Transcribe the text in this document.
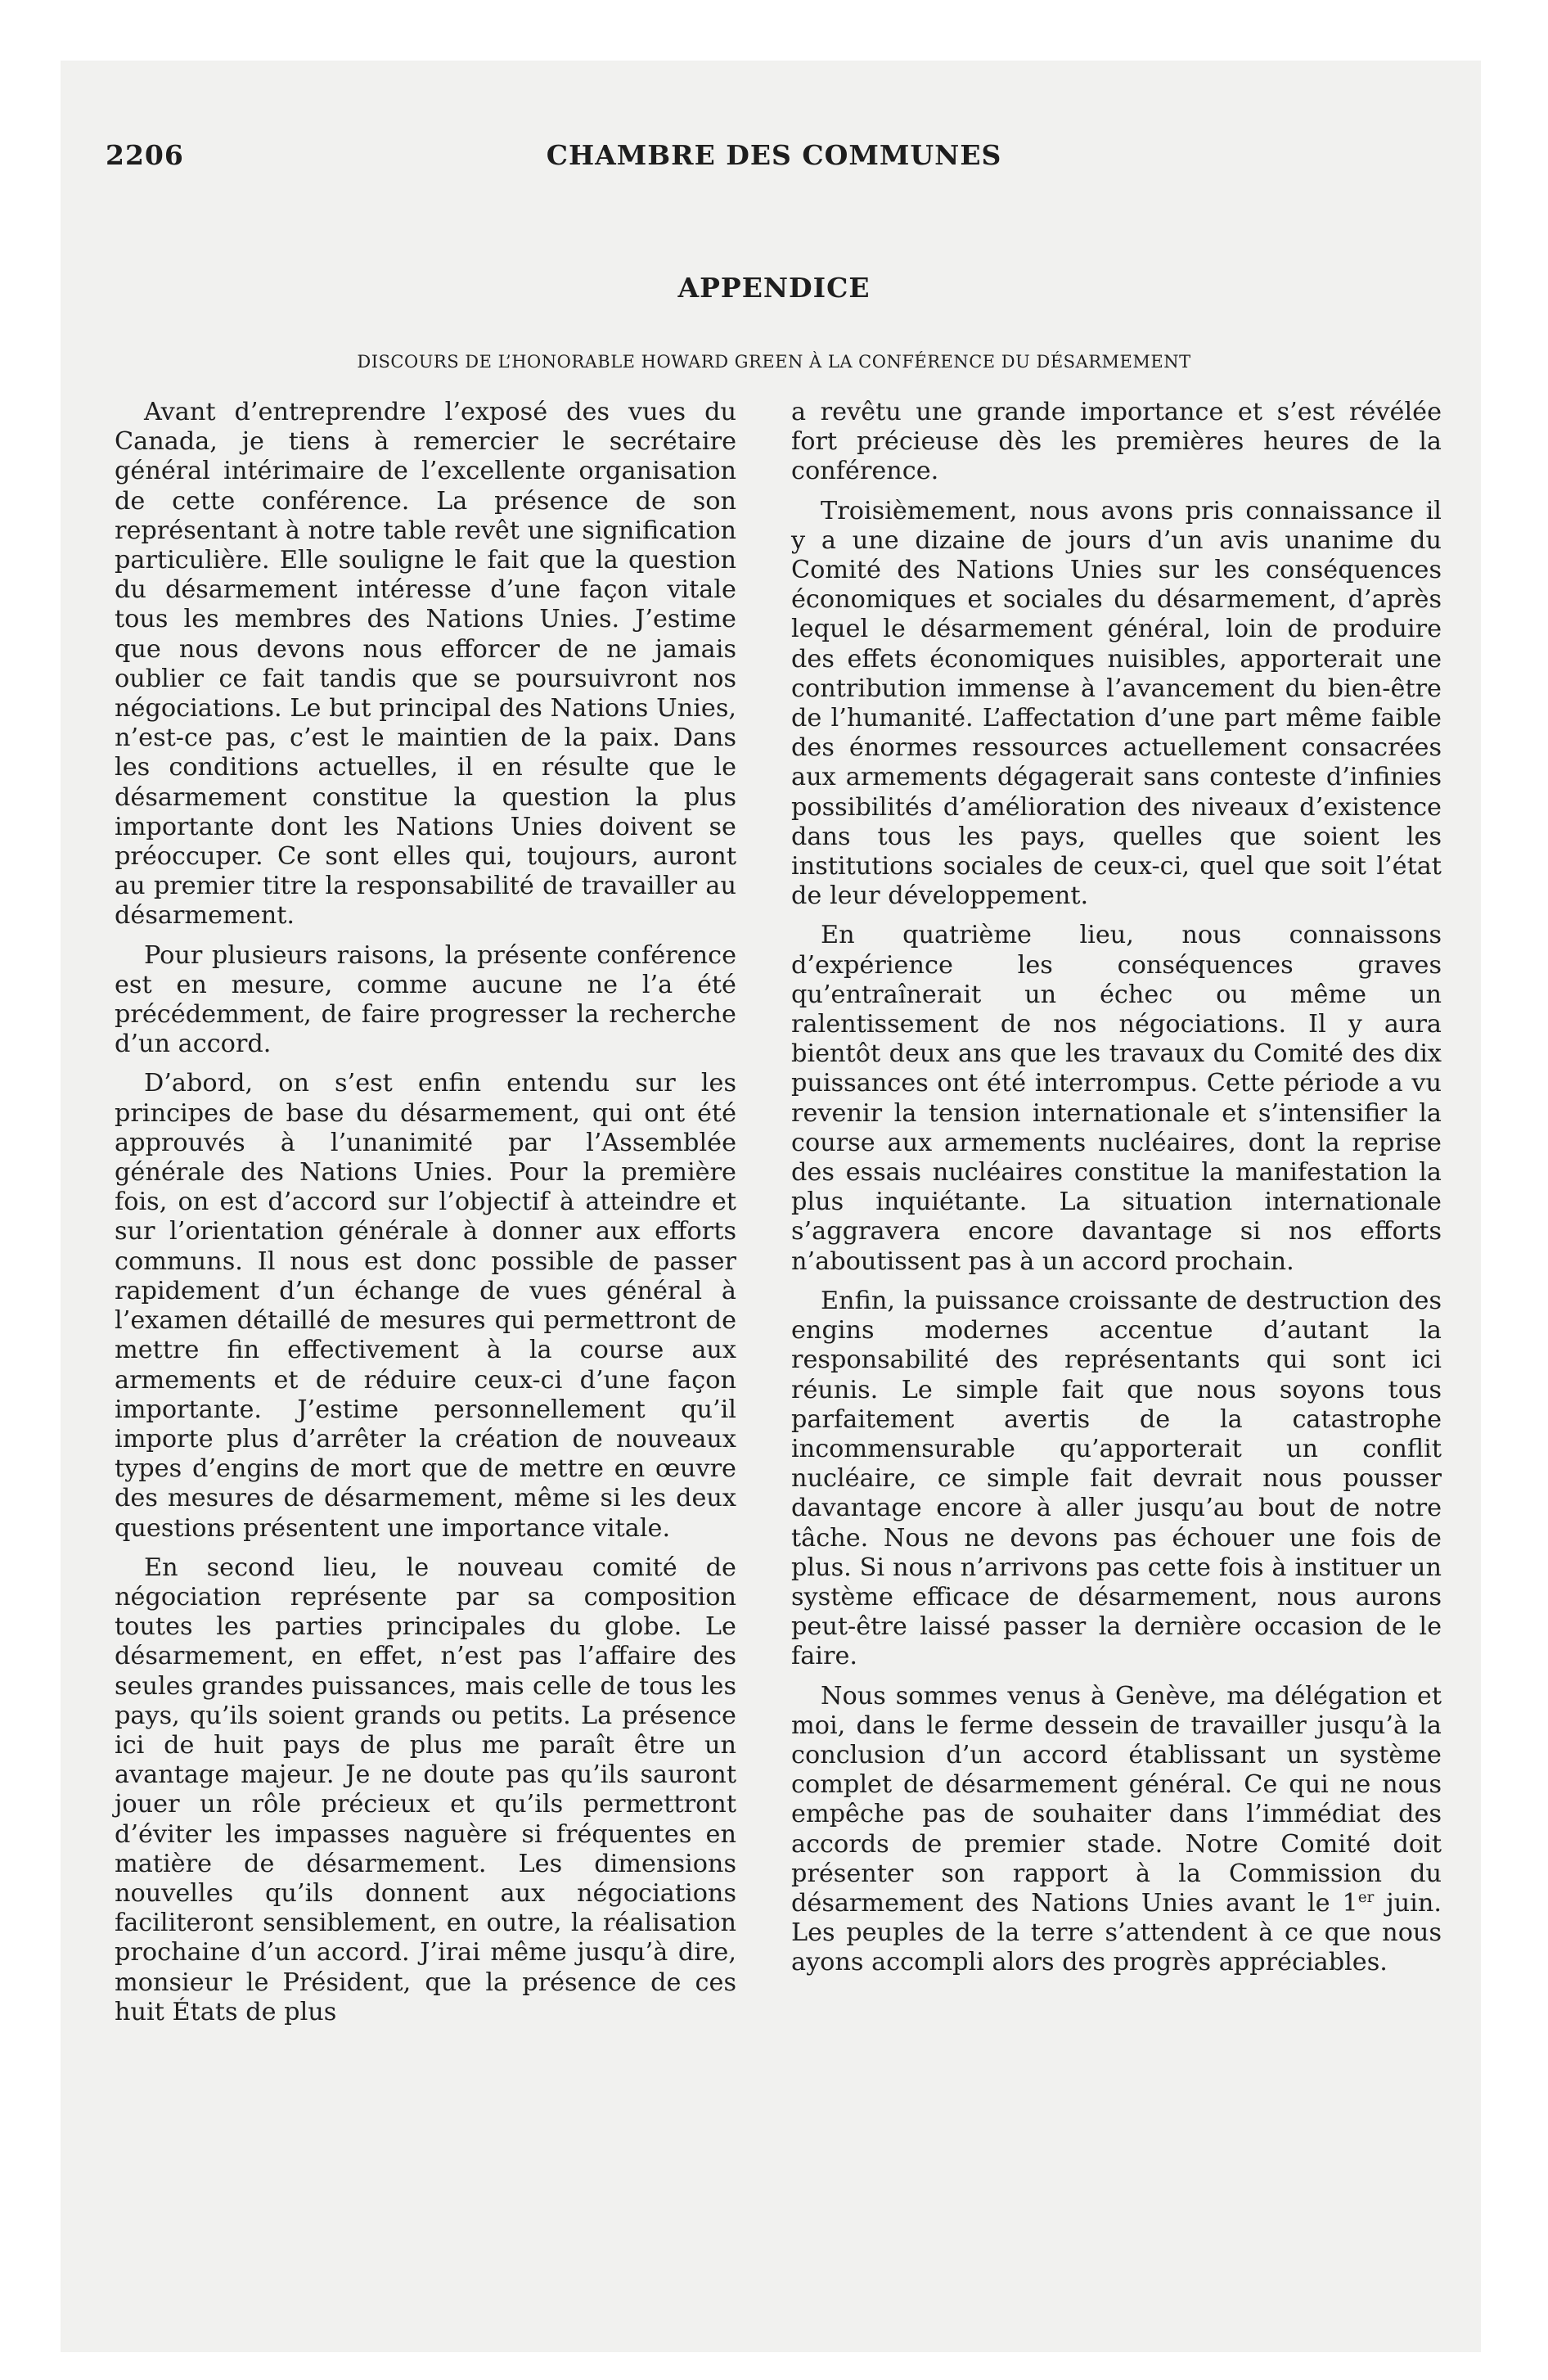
2206	CHAMBRE DES COMMUNES
APPENDICE
DISCOURS DE L’HONORABLE HOWARD GREEN À LA CONFÉRENCE DU DÉSARMEMENT

Avant d’entreprendre l’exposé des vues du Canada, je tiens à remercier le secrétaire général intérimaire de l’excellente organisation de cette conférence. La présence de son représentant à notre table revêt une signification particulière. Elle souligne le fait que la question du désarmement intéresse d’une façon vitale tous les membres des Nations Unies. J’estime que nous devons nous efforcer de ne jamais oublier ce fait tandis que se poursuivront nos négociations. Le but principal des Nations Unies, n’est-ce pas, c’est le maintien de la paix. Dans les conditions actuelles, il en résulte que le désarmement constitue la question la plus importante dont les Nations Unies doivent se préoccuper. Ce sont elles qui, toujours, auront au premier titre la responsabilité de travailler au désarmement.

Pour plusieurs raisons, la présente conférence est en mesure, comme aucune ne l’a été précédemment, de faire progresser la recherche d’un accord.

D’abord, on s’est enfin entendu sur les principes de base du désarmement, qui ont été approuvés à l’unanimité par l’Assemblée générale des Nations Unies. Pour la première fois, on est d’accord sur l’objectif à atteindre et sur l’orientation générale à donner aux efforts communs. Il nous est donc possible de passer rapidement d’un échange de vues général à l’examen détaillé de mesures qui permettront de mettre fin effectivement à la course aux armements et de réduire ceux-ci d’une façon importante. J’estime personnellement qu’il importe plus d’arrêter la création de nouveaux types d’engins de mort que de mettre en œuvre des mesures de désarmement, même si les deux questions présentent une importance vitale.

En second lieu, le nouveau comité de négociation représente par sa composition toutes les parties principales du globe. Le désarmement, en effet, n’est pas l’affaire des seules grandes puissances, mais celle de tous les pays, qu’ils soient grands ou petits. La présence ici de huit pays de plus me paraît être un avantage majeur. Je ne doute pas qu’ils sauront jouer un rôle précieux et qu’ils permettront d’éviter les impasses naguère si fréquentes en matière de désarmement. Les dimensions nouvelles qu’ils donnent aux négociations faciliteront sensiblement, en outre, la réalisation prochaine d’un accord. J’irai même jusqu’à dire, monsieur le Président, que la présence de ces huit États de plus

a revêtu une grande importance et s’est révélée fort précieuse dès les premières heures de la conférence.

Troisièmement, nous avons pris connaissance il y a une dizaine de jours d’un avis unanime du Comité des Nations Unies sur les conséquences économiques et sociales du désarmement, d’après lequel le désarmement général, loin de produire des effets économiques nuisibles, apporterait une contribution immense à l’avancement du bien-être de l’humanité. L’affectation d’une part même faible des énormes ressources actuellement consacrées aux armements dégagerait sans conteste d’infinies possibilités d’amélioration des niveaux d’existence dans tous les pays, quelles que soient les institutions sociales de ceux-ci, quel que soit l’état de leur développement.

En quatrième lieu, nous connaissons d’expérience les conséquences graves qu’entraînerait un échec ou même un ralentissement de nos négociations. Il y aura bientôt deux ans que les travaux du Comité des dix puissances ont été interrompus. Cette période a vu revenir la tension internationale et s’intensifier la course aux armements nucléaires, dont la reprise des essais nucléaires constitue la manifestation la plus inquiétante. La situation internationale s’aggravera encore davantage si nos efforts n’aboutissent pas à un accord prochain.

Enfin, la puissance croissante de destruction des engins modernes accentue d’autant la responsabilité des représentants qui sont ici réunis. Le simple fait que nous soyons tous parfaitement avertis de la catastrophe incommensurable qu’apporterait un conflit nucléaire, ce simple fait devrait nous pousser davantage encore à aller jusqu’au bout de notre tâche. Nous ne devons pas échouer une fois de plus. Si nous n’arrivons pas cette fois à instituer un système efficace de désarmement, nous aurons peut-être laissé passer la dernière occasion de le faire.

Nous sommes venus à Genève, ma délégation et moi, dans le ferme dessein de travailler jusqu’à la conclusion d’un accord établissant un système complet de désarmement général. Ce qui ne nous empêche pas de souhaiter dans l’immédiat des accords de premier stade. Notre Comité doit présenter son rapport à la Commission du désarmement des Nations Unies avant le 1er juin. Les peuples de la terre s’attendent à ce que nous ayons accompli alors des progrès appréciables.
